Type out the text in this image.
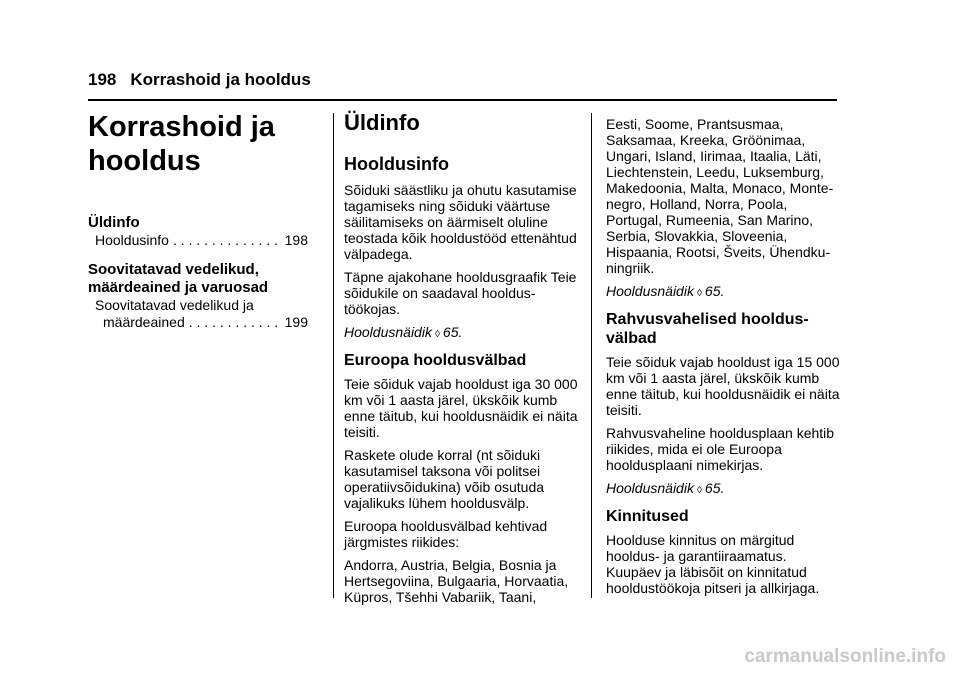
198 Korrashoid ja hooldus
Korrashoid ja
hooldus
Üldinfo
Hooldusinfo . . .	198
Soovitatavad vedelikud,
määrdeained ja varuosad
Soovitatavad vedelikud ja
määrdeained . . .	199
Üldinfo
Hooldusinfo

Sõiduki säästliku ja ohutu kasutamise tagamiseks ning sõiduki väärtuse säilitamiseks on äärmiselt oluline teostada kõik hooldustööd ettenähtud välpadega.

Täpne ajakohane hooldusgraafik Teie sõidukile on saadaval hooldustöökojas.

Hooldusnäidik ◊ 65.

Euroopa hooldusvälbad

Teie sõiduk vajab hooldust iga 30 000 km või 1 aasta järel, ükskõik kumb enne täitub, kui hooldusnäidik ei näita teisiti.

Raskete olude korral (nt sõiduki kasutamisel taksona või politsei operatiivsõidukina) võib osutuda vajalikuks lühem hooldusvälp.

Euroopa hooldusvälbad kehtivad järgmistes riikides:

Andorra, Austria, Belgia, Bosnia ja Hertsegoviina, Bulgaaria, Horvaatia, Küpros, Tšehhi Vabariik, Taani,

Eesti, Soome, Prantsusmaa, Saksamaa, Kreeka, Gröönimaa, Ungari, Island, Iirimaa, Itaalia, Läti, Liechtenstein, Leedu, Luksemburg, Makedoonia, Malta, Monaco, Montenegro, Holland, Norra, Poola, Portugal, Rumeenia, San Marino, Serbia, Slovakkia, Sloveenia, Hispaania, Rootsi, Šveits, Ühendkuningriik.

Hooldusnäidik ◊ 65.

Rahvusvahelised hooldusvälbad

Teie sõiduk vajab hooldust iga 15 000 km või 1 aasta järel, ükskõik kumb enne täitub, kui hooldusnäidik ei näita teisiti.

Rahvusvaheline hooldusplaan kehtib riikides, mida ei ole Euroopa hooldusplaani nimekirjas.

Hooldusnäidik ◊ 65.

Kinnitused

Hoolduse kinnitus on märgitud hooldus- ja garantiiraamatus. Kuupäev ja läbisõit on kinnitatud hooldustöökoja pitseri ja allkirjaga.

carmanualsonline.info
